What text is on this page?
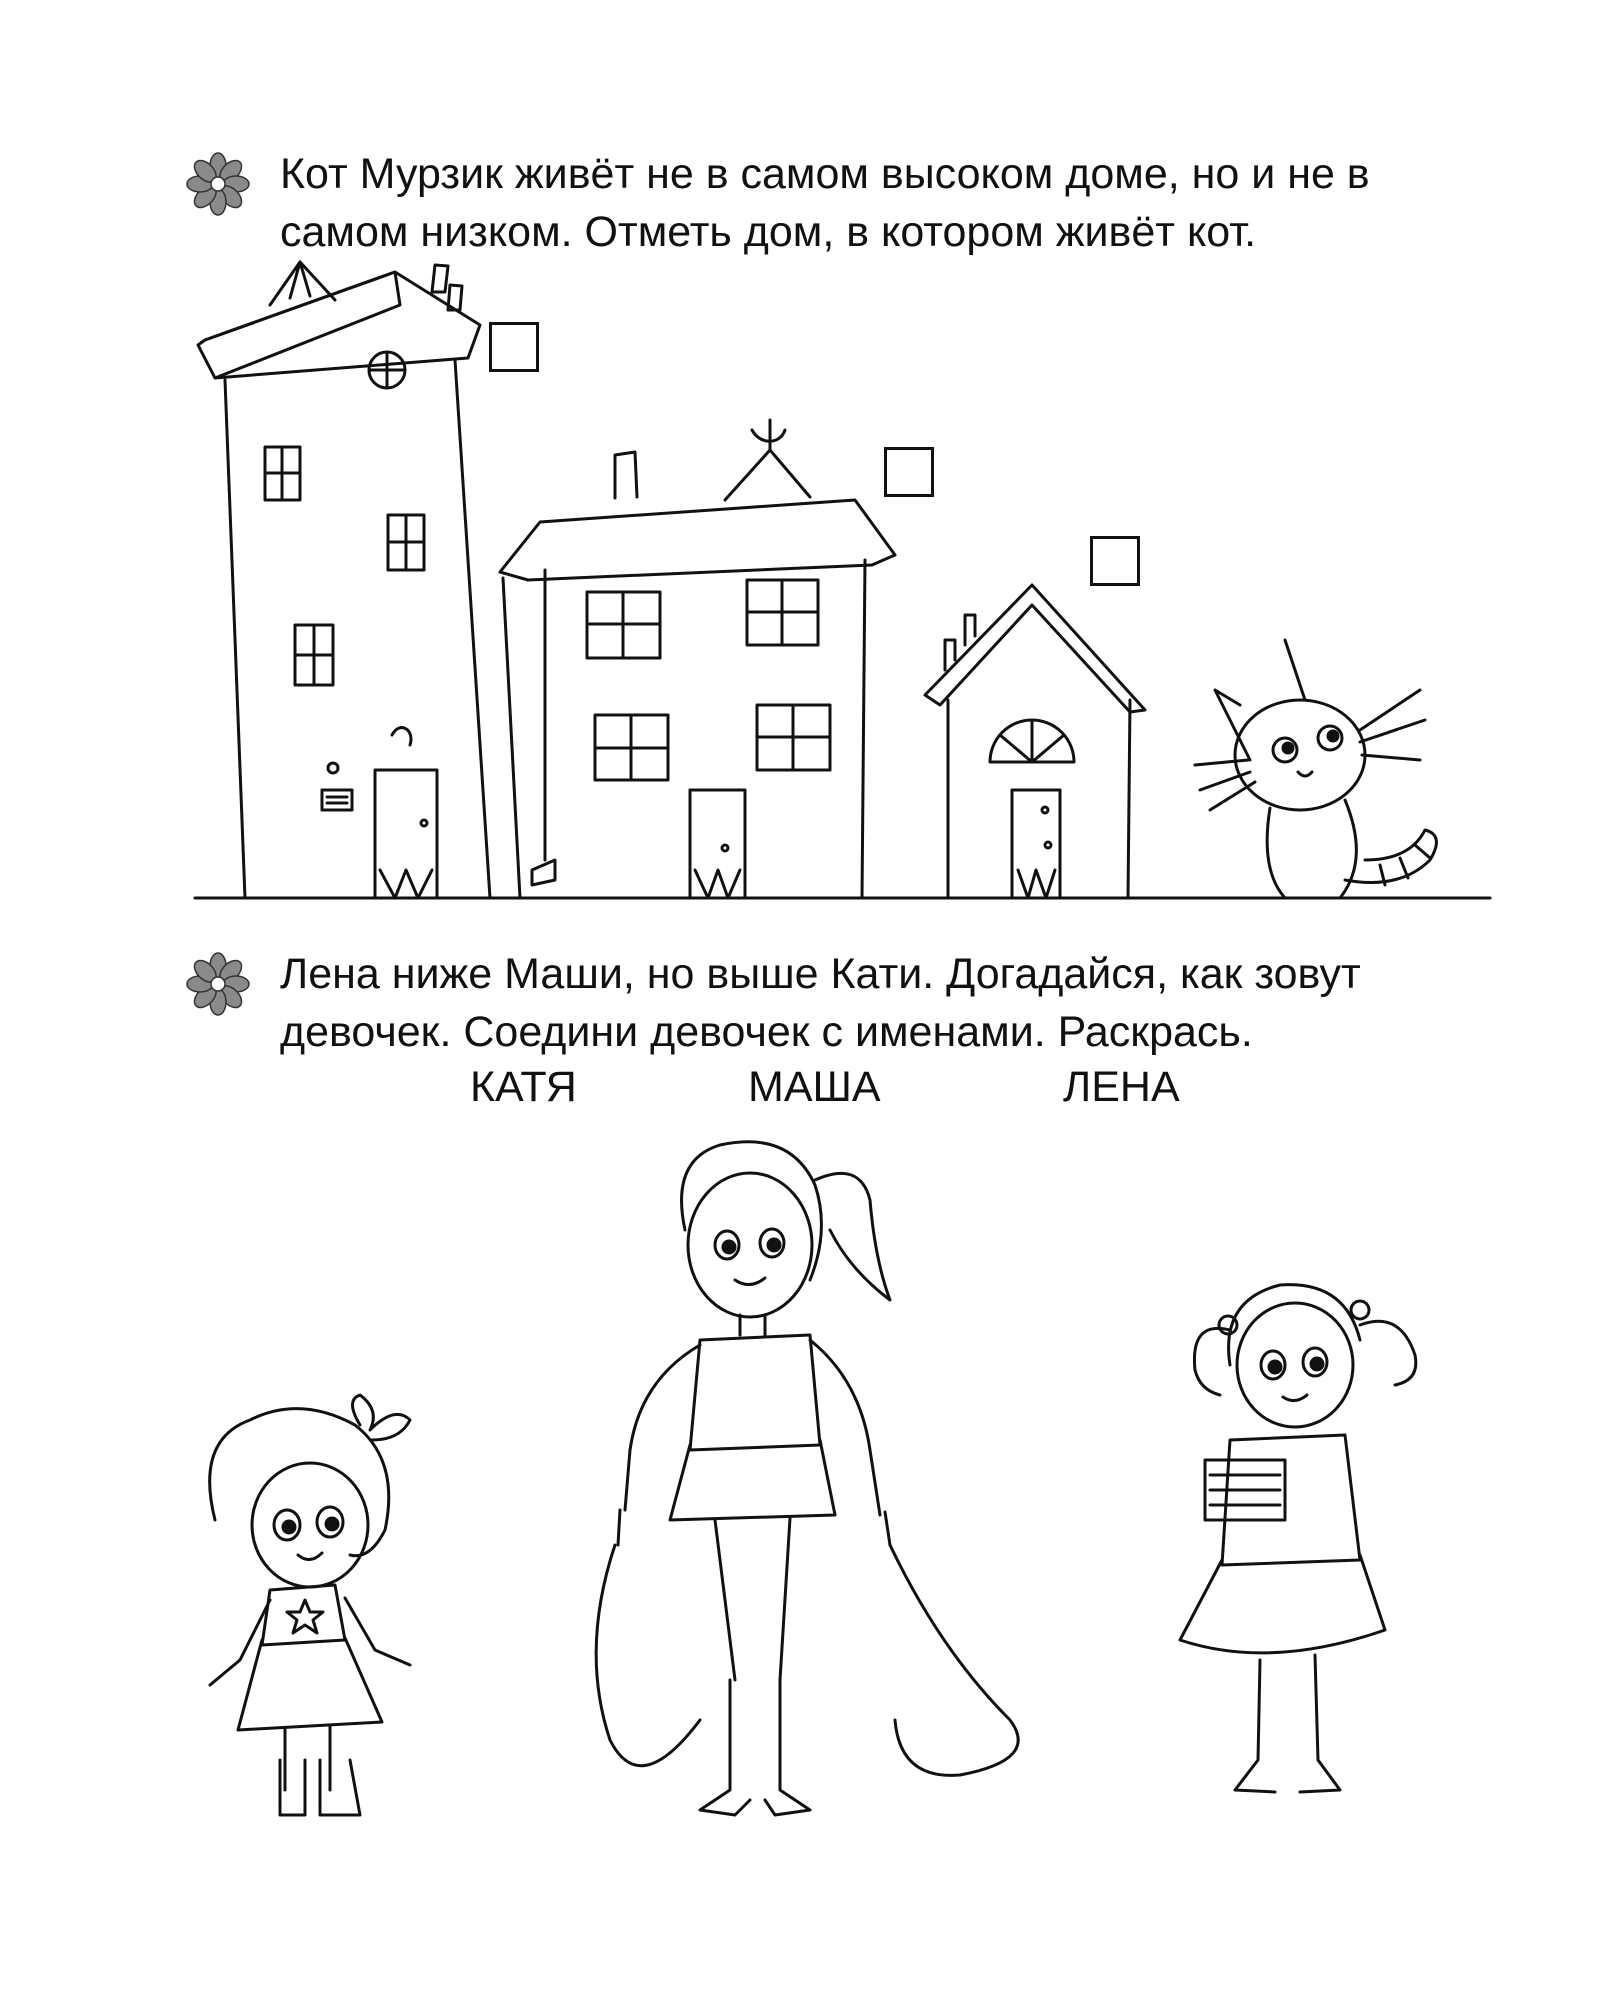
Кот Мурзик живёт не в самом высоком доме, но и не в самом низком. Отметь дом, в котором живёт кот.
Лена ниже Маши, но выше Кати. Догадайся, как зовут девочек. Соедини девочек с именами. Раскрась.
КАТЯ	МАША	ЛЕНА
